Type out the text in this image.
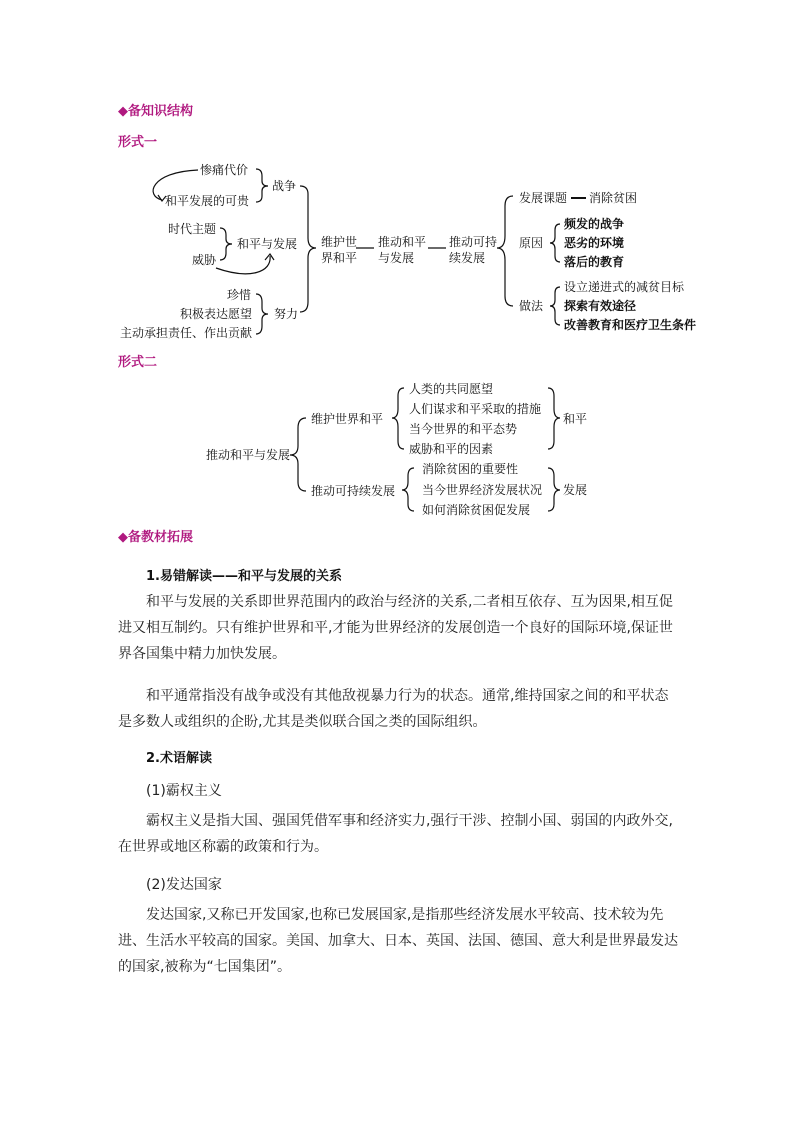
◆备知识结构
形式一
惨痛代价
和平发展的可贵
战争
时代主题
威胁
和平与发展
珍惜
积极表达愿望
主动承担责任、作出贡献
努力
维护世
界和平
推动和平
与发展
推动可持
续发展
发展课题 消除贫困
原因
频发的战争
恶劣的环境
落后的教育
做法
设立递进式的减贫目标
探索有效途径
改善教育和医疗卫生条件
形式二
推动和平与发展
维护世界和平
人类的共同愿望
人们谋求和平采取的措施
当今世界的和平态势
威胁和平的因素
和平
推动可持续发展
消除贫困的重要性
当今世界经济发展状况
如何消除贫困促发展
发展
◆备教材拓展
1.易错解读——和平与发展的关系

和平与发展的关系即世界范围内的政治与经济的关系,二者相互依存、互为因果,相互促进又相互制约。只有维护世界和平,才能为世界经济的发展创造一个良好的国际环境,保证世界各国集中精力加快发展。

和平通常指没有战争或没有其他敌视暴力行为的状态。通常,维持国家之间的和平状态是多数人或组织的企盼,尤其是类似联合国之类的国际组织。

2.术语解读
(1)霸权主义

霸权主义是指大国、强国凭借军事和经济实力,强行干涉、控制小国、弱国的内政外交,在世界或地区称霸的政策和行为。

(2)发达国家

发达国家,又称已开发国家,也称已发展国家,是指那些经济发展水平较高、技术较为先进、生活水平较高的国家。美国、加拿大、日本、英国、法国、德国、意大利是世界最发达的国家,被称为“七国集团”。
